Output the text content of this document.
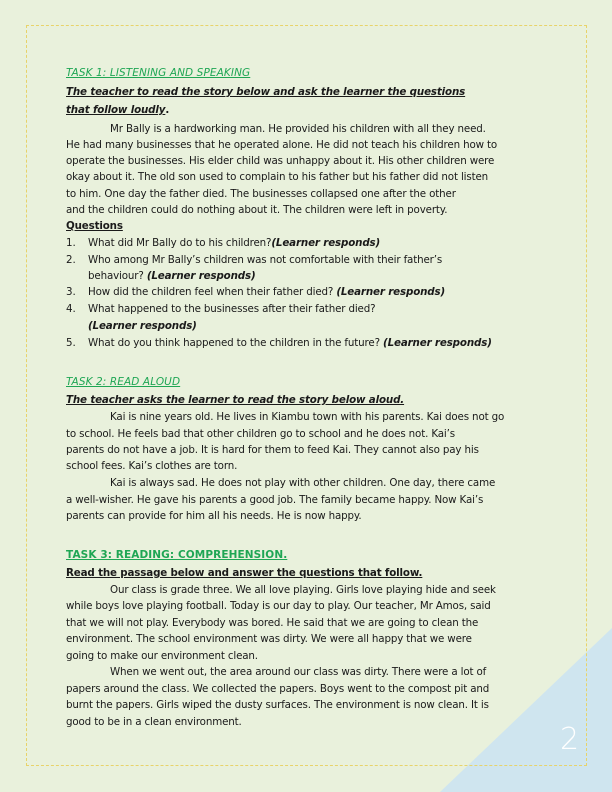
TASK 1: LISTENING AND SPEAKING
The teacher to read the story below and ask the learner the questions
that follow loudly.
Mr Bally is a hardworking man. He provided his children with all they need.
He had many businesses that he operated alone. He did not teach his children how to
operate the businesses. His elder child was unhappy about it. His other children were
okay about it. The old son used to complain to his father but his father did not listen
to him. One day the father died. The businesses collapsed one after the other
and the children could do nothing about it. The children were left in poverty.
Questions
1. What did Mr Bally do to his children?(Learner responds)
2. Who among Mr Bally’s children was not comfortable with their father’s
behaviour? (Learner responds)
3. How did the children feel when their father died? (Learner responds)
4. What happened to the businesses after their father died?
(Learner responds)
5. What do you think happened to the children in the future? (Learner responds)
TASK 2: READ ALOUD
The teacher asks the learner to read the story below aloud.
Kai is nine years old. He lives in Kiambu town with his parents. Kai does not go
to school. He feels bad that other children go to school and he does not. Kai’s
parents do not have a job. It is hard for them to feed Kai. They cannot also pay his
school fees. Kai’s clothes are torn.
Kai is always sad. He does not play with other children. One day, there came
a well-wisher. He gave his parents a good job. The family became happy. Now Kai’s
parents can provide for him all his needs. He is now happy.
TASK 3: READING: COMPREHENSION.
Read the passage below and answer the questions that follow.
Our class is grade three. We all love playing. Girls love playing hide and seek
while boys love playing football. Today is our day to play. Our teacher, Mr Amos, said
that we will not play. Everybody was bored. He said that we are going to clean the
environment. The school environment was dirty. We were all happy that we were
going to make our environment clean.
When we went out, the area around our class was dirty. There were a lot of
papers around the class. We collected the papers. Boys went to the compost pit and
burnt the papers. Girls wiped the dusty surfaces. The environment is now clean. It is
good to be in a clean environment.	2
